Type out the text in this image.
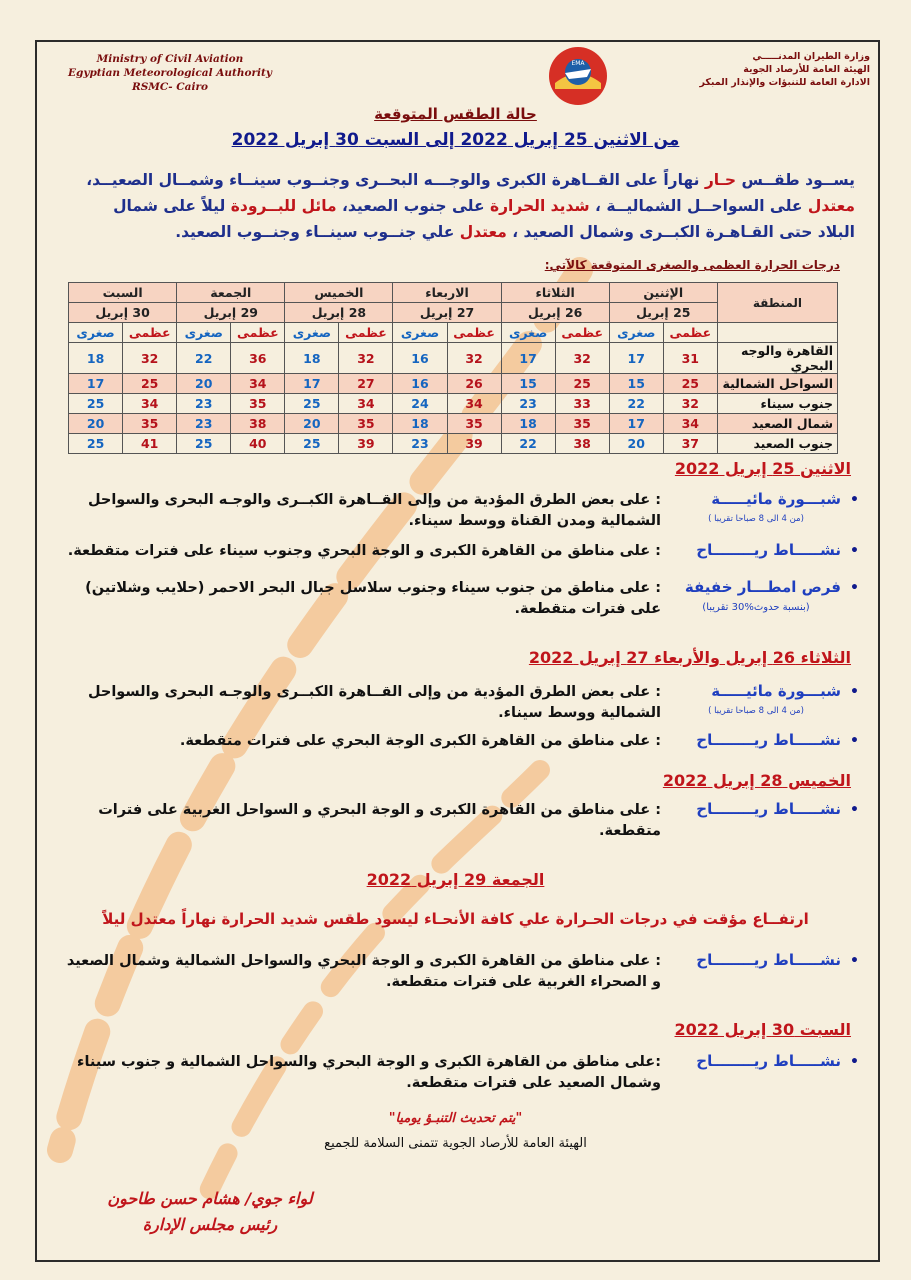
Ministry of Civil Aviation
Egyptian Meteorological Authority
RSMC- Cairo
EMA
وزارة الطيران المدنـــــي
الهيئة العامة للأرصاد الجوية
الادارة العامة للتنبؤات والإنذار المبكر
حالة الطقس المتوقعة
من الاثنين 25 إبريل 2022 إلى السبت 30 إبريل 2022
يســود طقــس حـار نهاراً على القــاهرة الكبرى والوجـــه البحــرى وجنــوب سينــاء وشمــال الصعيــد، معتدل على السواحــل الشماليــة ، شديد الحرارة على جنوب الصعيد، مائل للبــرودة ليلاً على شمال البلاد حتى القـاهـرة الكبــرى وشمال الصعيد ، معتدل علي جنــوب سينــاء وجنــوب الصعيد.
درجات الحرارة العظمى والصغرى المتوقعة كالآتي:
المنطقة	الإثنين		الثلاثاء		الاربعاء		الخميس		الجمعة		السبت	
	25 إبريل		26 إبريل		27 إبريل		28 إبريل		29 إبريل		30 إبريل	
	عظمى	صغرى	عظمى	صغرى	عظمى	صغرى	عظمى	صغرى	عظمى	صغرى	عظمى	صغرى
القاهرة والوجه البحري	31	17	32	17	32	16	32	18	36	22	32	18
السواحل الشمالية	25	15	25	15	26	16	27	17	34	20	25	17
جنوب سيناء	32	22	33	23	34	24	34	25	35	23	34	25
شمال الصعيد	34	17	35	18	35	18	35	20	38	23	35	20
جنوب الصعيد	37	20	38	22	39	23	39	25	40	25	41	25
الاثنين 25 إبريل 2022
•
شبـــورة مائيـــــة
(من 4 الى 8 صباحا تقريبا )
: على بعض الطرق المؤدية من وإلى القــاهرة الكبــرى والوجـه البحرى والسواحل الشمالية ومدن القناة ووسط سيناء.
•
نشـــــاط ريــــــــاح
: على مناطق من القاهرة الكبرى و الوجة البحري وجنوب سيناء على فترات متقطعة.
•
فرص امطـــار خفيفة
(بنسبة حدوث%30 تقريبا)
: على مناطق من جنوب سيناء وجنوب سلاسل جبال البحر الاحمر (حلايب وشلاتين) على فترات متقطعة.
الثلاثاء 26 إبريل والأربعاء 27 إبريل 2022
•
شبـــورة مائيـــــة
(من 4 الى 8 صباحا تقريبا )
: على بعض الطرق المؤدية من وإلى القــاهرة الكبــرى والوجـه البحرى والسواحل الشمالية ووسط سيناء.
•
نشـــــاط ريــــــــاح
: على مناطق من القاهرة الكبرى الوجة البحري على فترات متقطعة.
الخميس 28 إبريل 2022
•
نشـــــاط ريــــــــاح
: على مناطق من القاهرة الكبرى و الوجة البحري و السواحل الغربية على فترات متقطعة.
الجمعة 29 إبريل 2022
ارتفــاع مؤقت في درجات الحـرارة علي كافة الأنحـاء ليسود طقس شديد الحرارة نهاراً معتدل ليلاً
•
نشـــــاط ريــــــــاح
: على مناطق من القاهرة الكبرى و الوجة البحري والسواحل الشمالية وشمال الصعيد و الصحراء الغربية على فترات متقطعة.
السبت 30 إبريل 2022
•
نشـــــاط ريــــــــاح
:على مناطق من القاهرة الكبرى و الوجة البحري والسواحل الشمالية و جنوب سيناء وشمال الصعيد على فترات متقطعة.
"يتم تحديث التنبـؤ يوميا"
الهيئة العامة للأرصاد الجوية تتمنى السلامة للجميع
لواء جوي/ هشام حسن طاحون
رئيس مجلس الإدارة
